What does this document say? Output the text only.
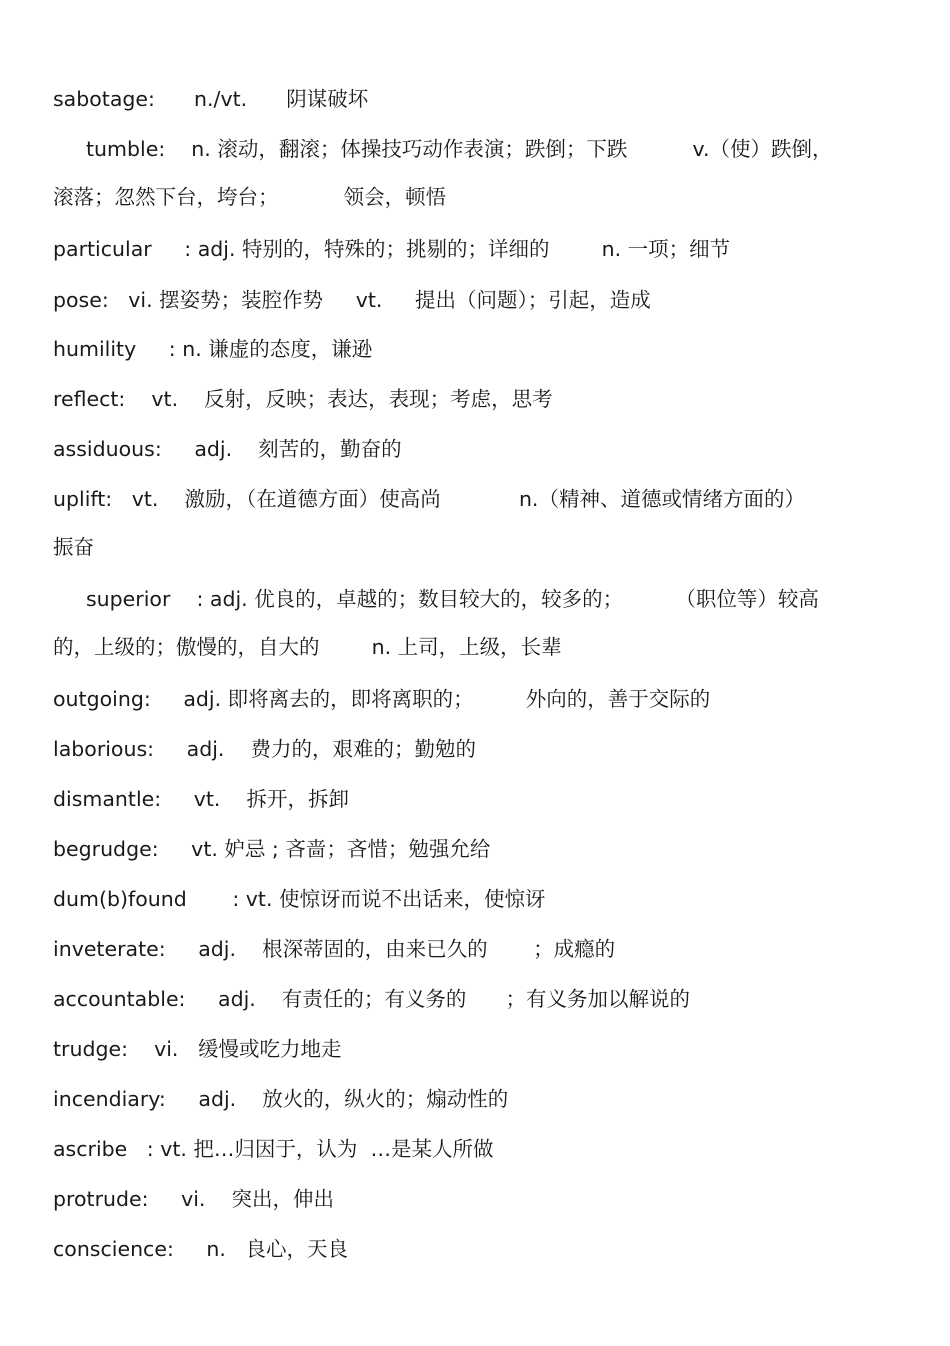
sabotage:      n./vt.      阴谋破坏
tumble:    n. 滚动，翻滚；体操技巧动作表演；跌倒；下跌          v.（使）跌倒，
滚落；忽然下台，垮台；          领会，顿悟
particular     : adj. 特别的，特殊的；挑剔的；详细的        n. 一项；细节
pose:   vi. 摆姿势；装腔作势     vt.     提出（问题）；引起，造成
humility     : n. 谦虚的态度，谦逊
reflect:    vt.    反射，反映；表达，表现；考虑，思考
assiduous:     adj.    刻苦的，勤奋的
uplift:   vt.    激励，（在道德方面）使高尚            n.（精神、道德或情绪方面的）
振奋
superior    : adj. 优良的，卓越的；数目较大的，较多的；        （职位等）较高
的，上级的；傲慢的，自大的        n. 上司，上级，长辈
outgoing:     adj. 即将离去的，即将离职的；        外向的，善于交际的
laborious:     adj.    费力的，艰难的；勤勉的
dismantle:     vt.    拆开，拆卸
begrudge:     vt. 妒忌 ; 吝啬；吝惜；勉强允给
dum(b)found       : vt. 使惊讶而说不出话来，使惊讶
inveterate:     adj.    根深蒂固的，由来已久的       ；成瘾的
accountable:     adj.    有责任的；有义务的      ；有义务加以解说的
trudge:    vi.   缓慢或吃力地走
incendiary:     adj.    放火的，纵火的；煽动性的
ascribe   : vt. 把…归因于，认为  …是某人所做
protrude:     vi.    突出，伸出
conscience:     n.   良心，天良
